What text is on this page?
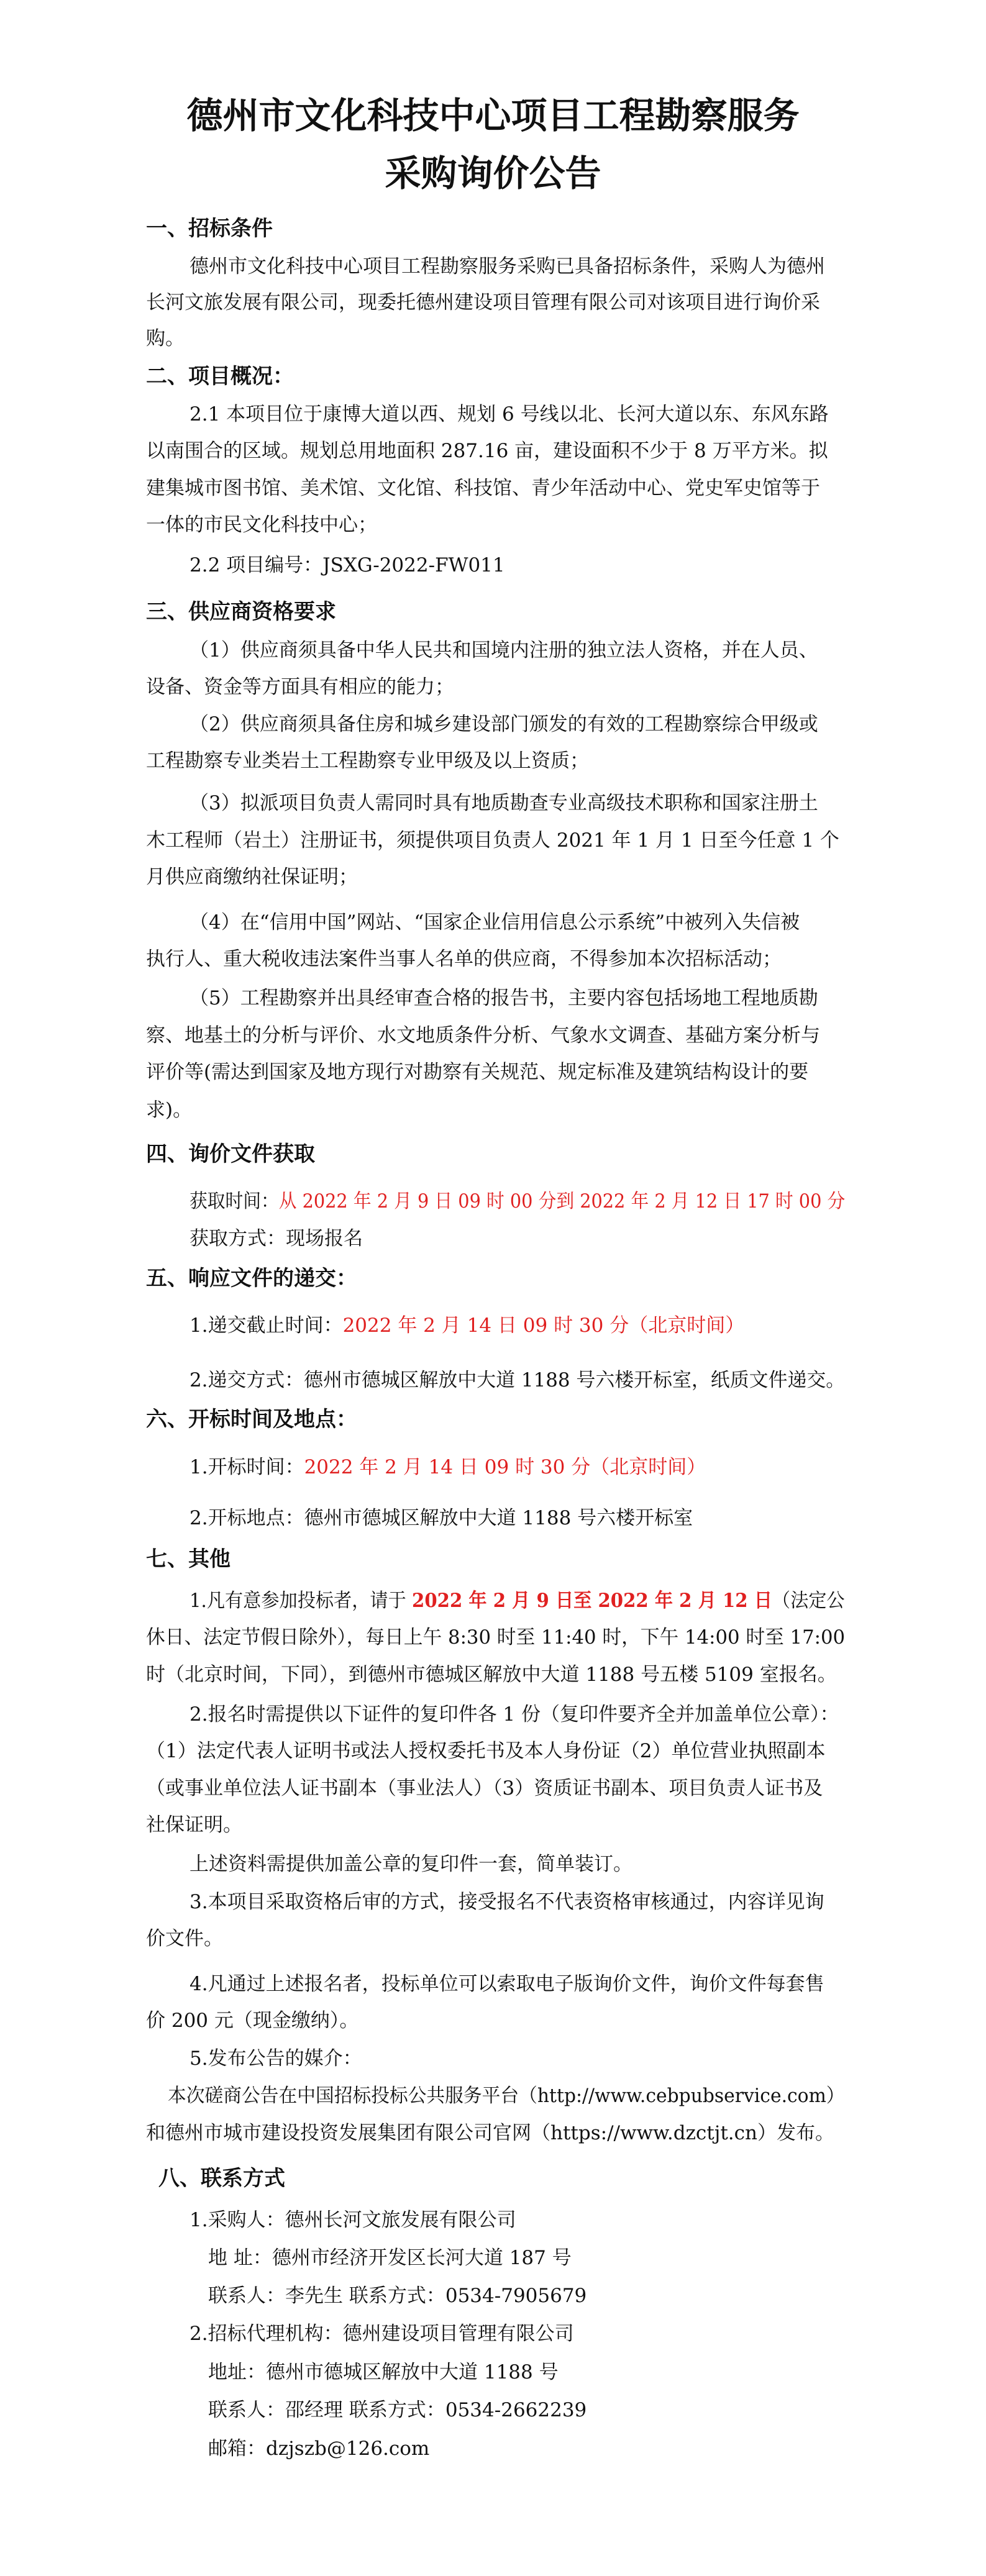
德州市文化科技中心项目工程勘察服务
采购询价公告
一、招标条件
德州市文化科技中心项目工程勘察服务采购已具备招标条件，采购人为德州
长河文旅发展有限公司，现委托德州建设项目管理有限公司对该项目进行询价采
购。
二、项目概况：
2.1 本项目位于康博大道以西、规划 6 号线以北、长河大道以东、东风东路
以南围合的区域。规划总用地面积 287.16 亩，建设面积不少于 8 万平方米。拟
建集城市图书馆、美术馆、文化馆、科技馆、青少年活动中心、党史军史馆等于
一体的市民文化科技中心；
2.2 项目编号：JSXG-2022-FW011
三、供应商资格要求
（1）供应商须具备中华人民共和国境内注册的独立法人资格，并在人员、
设备、资金等方面具有相应的能力；
（2）供应商须具备住房和城乡建设部门颁发的有效的工程勘察综合甲级或
工程勘察专业类岩土工程勘察专业甲级及以上资质；
（3）拟派项目负责人需同时具有地质勘查专业高级技术职称和国家注册土
木工程师（岩土）注册证书，须提供项目负责人 2021 年 1 月 1 日至今任意 1 个
月供应商缴纳社保证明；
（4）在“信用中国”网站、“国家企业信用信息公示系统”中被列入失信被
执行人、重大税收违法案件当事人名单的供应商，不得参加本次招标活动；
（5）工程勘察并出具经审查合格的报告书，主要内容包括场地工程地质勘
察、地基土的分析与评价、水文地质条件分析、气象水文调查、基础方案分析与
评价等(需达到国家及地方现行对勘察有关规范、规定标准及建筑结构设计的要
求)。
四、询价文件获取
获取时间：从 2022 年 2 月 9 日 09 时 00 分到 2022 年 2 月 12 日 17 时 00 分
获取方式：现场报名
五、响应文件的递交：
1.递交截止时间：2022 年 2 月 14 日 09 时 30 分（北京时间）
2.递交方式：德州市德城区解放中大道 1188 号六楼开标室，纸质文件递交。
六、开标时间及地点：
1.开标时间：2022 年 2 月 14 日 09 时 30 分（北京时间）
2.开标地点：德州市德城区解放中大道 1188 号六楼开标室
七、其他
1.凡有意参加投标者，请于 2022 年 2 月 9 日至 2022 年 2 月 12 日（法定公
休日、法定节假日除外），每日上午 8:30 时至 11:40 时，下午 14:00 时至 17:00
时（北京时间，下同），到德州市德城区解放中大道 1188 号五楼 5109 室报名。
2.报名时需提供以下证件的复印件各 1 份（复印件要齐全并加盖单位公章）：
（1）法定代表人证明书或法人授权委托书及本人身份证（2）单位营业执照副本
（或事业单位法人证书副本（事业法人）（3）资质证书副本、项目负责人证书及
社保证明。
上述资料需提供加盖公章的复印件一套，简单装订。
3.本项目采取资格后审的方式，接受报名不代表资格审核通过，内容详见询
价文件。
4.凡通过上述报名者，投标单位可以索取电子版询价文件，询价文件每套售
价 200 元（现金缴纳）。
5.发布公告的媒介：
本次磋商公告在中国招标投标公共服务平台（http://www.cebpubservice.com）
和德州市城市建设投资发展集团有限公司官网（https://www.dzctjt.cn）发布。
八、联系方式
1.采购人：德州长河文旅发展有限公司
地 址：德州市经济开发区长河大道 187 号
联系人：李先生 联系方式：0534-7905679
2.招标代理机构：德州建设项目管理有限公司
地址：德州市德城区解放中大道 1188 号
联系人：邵经理 联系方式：0534-2662239
邮箱：dzjszb@126.com
